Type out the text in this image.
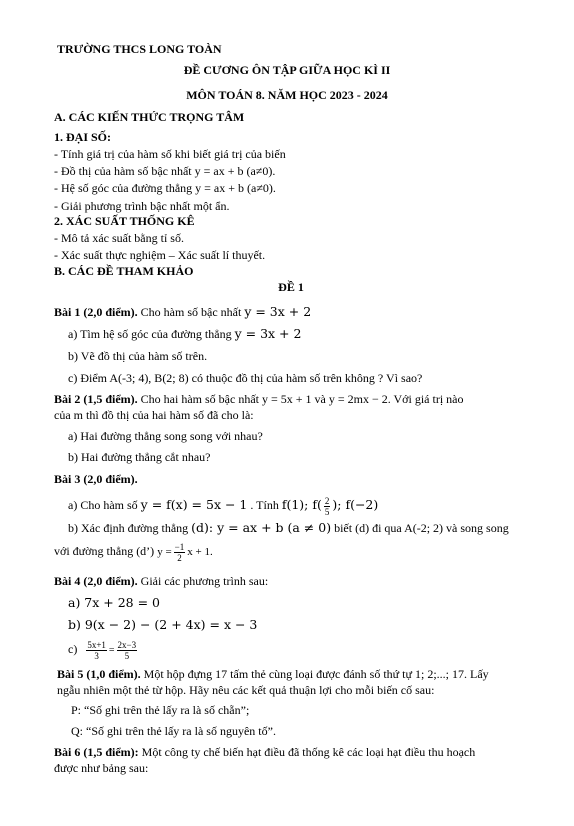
TRƯỜNG THCS LONG TOÀN
ĐỀ CƯƠNG ÔN TẬP GIỮA HỌC KÌ II
MÔN TOÁN 8. NĂM HỌC 2023 - 2024
A. CÁC KIẾN THỨC TRỌNG TÂM
1. ĐẠI SỐ:
- Tính giá trị của hàm số khi biết giá trị của biến
- Đồ thị của hàm số bậc nhất y = ax + b (a≠0).
- Hệ số góc của đường thẳng y = ax + b (a≠0).
- Giải phương trình bậc nhất một ẩn.
2. XÁC SUẤT THỐNG KÊ
- Mô tả xác suất bằng tỉ số.
- Xác suất thực nghiệm – Xác suất lí thuyết.
B. CÁC ĐỀ THAM KHẢO
ĐỀ 1
Bài 1 (2,0 điểm). Cho hàm số bậc nhất y = 3x + 2
a) Tìm hệ số góc của đường thẳng y = 3x + 2
b) Vẽ đồ thị của hàm số trên.
c) Điểm A(-3; 4), B(2; 8) có thuộc đồ thị của hàm số trên không ? Vì sao?
Bài 2 (1,5 điểm). Cho hai hàm số bậc nhất y = 5x + 1 và y = 2mx − 2. Với giá trị nào
của m thì đồ thị của hai hàm số đã cho là:
a) Hai đường thẳng song song với nhau?
b) Hai đường thẳng cắt nhau?
Bài 3 (2,0 điểm).
a) Cho hàm số y = f(x) = 5x − 1 . Tính f(1); $f( \frac{2}{5}$ ); f(−2)
b) Xác định đường thẳng (d): y = ax + b (a ≠ 0) biết (d) đi qua A(-2; 2) và song song
với đường thẳng (d’) $y = \frac{-1}{2}$ x + 1.
Bài 4 (2,0 điểm). Giải các phương trình sau:
a) 7x + 28 = 0
b) 9(x − 2) − (2 + 4x) = x − 3
$c) \frac{5x+1}{3} = \frac{2x-3}{5}$
Bài 5 (1,0 điểm). Một hộp đựng 17 tấm thẻ cùng loại được đánh số thứ tự 1; 2;...; 17. Lấy
ngẫu nhiên một thẻ từ hộp. Hãy nêu các kết quả thuận lợi cho mỗi biến cố sau:
P: “Số ghi trên thẻ lấy ra là số chẵn”;
Q: “Số ghi trên thẻ lấy ra là số nguyên tố”.
Bài 6 (1,5 điểm): Một công ty chế biến hạt điều đã thống kê các loại hạt điều thu hoạch
được như bảng sau:
